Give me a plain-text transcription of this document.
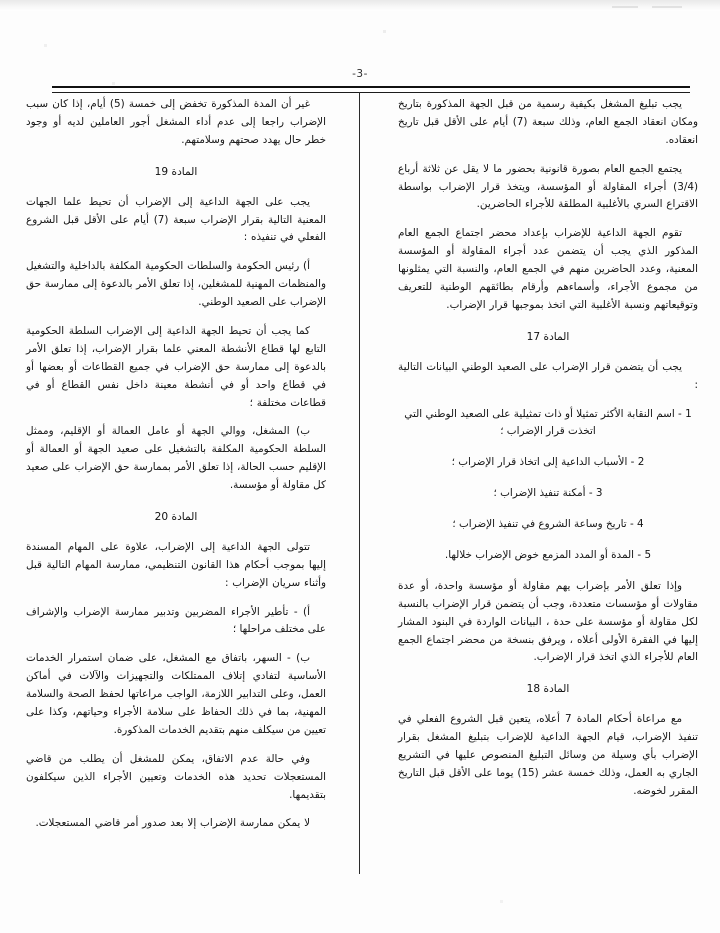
-3-

يجب تبليغ المشغل بكيفية رسمية من قبل الجهة المذكورة بتاريخ ومكان انعقاد الجمع العام، وذلك سبعة (7) أيام على الأقل قبل تاريخ انعقاده.

يجتمع الجمع العام بصورة قانونية بحضور ما لا يقل عن ثلاثة أرباع (3/4) أجراء المقاولة أو المؤسسة، ويتخذ قرار الإضراب بواسطة الاقتراع السري بالأغلبية المطلقة للأجراء الحاضرين.

تقوم الجهة الداعية للإضراب بإعداد محضر اجتماع الجمع العام المذكور الذي يجب أن يتضمن عدد أجراء المقاولة أو المؤسسة المعنية، وعدد الحاضرين منهم في الجمع العام، والنسبة التي يمثلونها من مجموع الأجراء، وأسماءهم وأرقام بطائقهم الوطنية للتعريف وتوقيعاتهم ونسبة الأغلبية التي اتخذ بموجبها قرار الإضراب.

المادة 17

يجب أن يتضمن قرار الإضراب على الصعيد الوطني البيانات التالية :

1 - اسم النقابة الأكثر تمثيلا أو ذات تمثيلية على الصعيد الوطني التي اتخذت قرار الإضراب ؛

2 - الأسباب الداعية إلى اتخاذ قرار الإضراب ؛

3 - أمكنة تنفيذ الإضراب ؛

4 - تاريخ وساعة الشروع في تنفيذ الإضراب ؛

5 - المدة أو المدد المزمع خوض الإضراب خلالها.

وإذا تعلق الأمر بإضراب يهم مقاولة أو مؤسسة واحدة، أو عدة مقاولات أو مؤسسات متعددة، وجب أن يتضمن قرار الإضراب بالنسبة لكل مقاولة أو مؤسسة على حدة ، البيانات الواردة في البنود المشار إليها في الفقرة الأولى أعلاه ، ويرفق بنسخة من محضر اجتماع الجمع العام للأجراء الذي اتخذ قرار الإضراب.

المادة 18

مع مراعاة أحكام المادة 7 أعلاه، يتعين قبل الشروع الفعلي في تنفيذ الإضراب، قيام الجهة الداعية للإضراب بتبليغ المشغل بقرار الإضراب بأي وسيلة من وسائل التبليغ المنصوص عليها في التشريع الجاري به العمل، وذلك خمسة عشر (15) يوما على الأقل قبل التاريخ المقرر لخوضه.

غير أن المدة المذكورة تخفض إلى خمسة (5) أيام، إذا كان سبب الإضراب راجعا إلى عدم أداء المشغل أجور العاملين لديه أو وجود خطر حال يهدد صحتهم وسلامتهم.

المادة 19

يجب على الجهة الداعية إلى الإضراب أن تحيط علما الجهات المعنية التالية بقرار الإضراب سبعة (7) أيام على الأقل قبل الشروع الفعلي في تنفيذه :

أ) رئيس الحكومة والسلطات الحكومية المكلفة بالداخلية والتشغيل والمنظمات المهنية للمشغلين، إذا تعلق الأمر بالدعوة إلى ممارسة حق الإضراب على الصعيد الوطني.

كما يجب أن تحيط الجهة الداعية إلى الإضراب السلطة الحكومية التابع لها قطاع الأنشطة المعني علما بقرار الإضراب، إذا تعلق الأمر بالدعوة إلى ممارسة حق الإضراب في جميع القطاعات أو بعضها أو في قطاع واحد أو في أنشطة معينة داخل نفس القطاع أو في قطاعات مختلفة ؛

ب) المشغل، ووالي الجهة أو عامل العمالة أو الإقليم، وممثل السلطة الحكومية المكلفة بالتشغيل على صعيد الجهة أو العمالة أو الإقليم حسب الحالة، إذا تعلق الأمر بممارسة حق الإضراب على صعيد كل مقاولة أو مؤسسة.

المادة 20

تتولى الجهة الداعية إلى الإضراب، علاوة على المهام المسندة إليها بموجب أحكام هذا القانون التنظيمي، ممارسة المهام التالية قبل وأثناء سريان الإضراب :

أ) - تأطير الأجراء المضربين وتدبير ممارسة الإضراب والإشراف على مختلف مراحلها ؛

ب) - السهر، باتفاق مع المشغل، على ضمان استمرار الخدمات الأساسية لتفادي إتلاف الممتلكات والتجهيزات والآلات في أماكن العمل، وعلى التدابير اللازمة، الواجب مراعاتها لحفظ الصحة والسلامة المهنية، بما في ذلك الحفاظ على سلامة الأجراء وحياتهم، وكذا على تعيين من سيكلف منهم بتقديم الخدمات المذكورة.

وفي حالة عدم الاتفاق، يمكن للمشغل أن يطلب من قاضي المستعجلات تحديد هذه الخدمات وتعيين الأجراء الذين سيكلفون بتقديمها.

لا يمكن ممارسة الإضراب إلا بعد صدور أمر قاضي المستعجلات.
